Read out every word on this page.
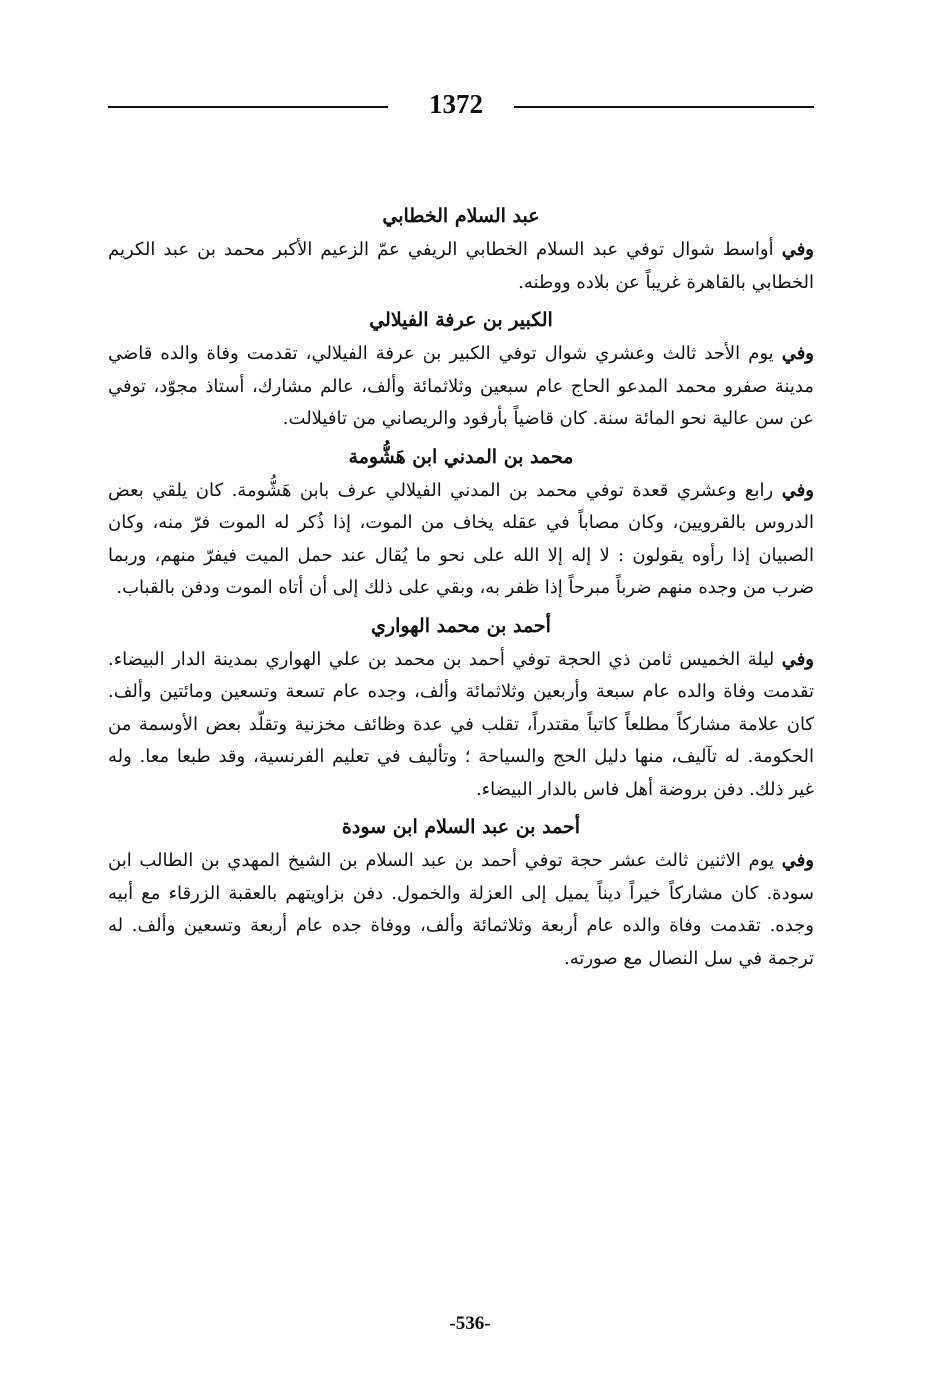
1372
عبد السلام الخطابي

وفي أواسط شوال توفي عبد السلام الخطابي الريفي عمّ الزعيم الأكبر محمد بن عبد الكريم الخطابي بالقاهرة غريباً عن بلاده ووطنه.

الكبير بن عرفة الفيلالي

وفي يوم الأحد ثالث وعشري شوال توفي الكبير بن عرفة الفيلالي، تقدمت وفاة والده قاضي مدينة صفرو محمد المدعو الحاج عام سبعين وثلاثمائة وألف، عالم مشارك، أستاذ مجوّد، توفي عن سن عالية نحو المائة سنة. كان قاضياً بأرفود والريصاني من تافيلالت.

محمد بن المدني ابن هَشُّومة

وفي رابع وعشري قعدة توفي محمد بن المدني الفيلالي عرف بابن هَشُّومة. كان يلقي بعض الدروس بالقرويين، وكان مصاباً في عقله يخاف من الموت، إذا ذُكر له الموت فرّ منه، وكان الصبيان إذا رأوه يقولون : لا إله إلا الله على نحو ما يُقال عند حمل الميت فيفرّ منهم، وربما ضرب من وجده منهم ضرباً مبرحاً إذا ظفر به، وبقي على ذلك إلى أن أتاه الموت ودفن بالقباب.

أحمد بن محمد الهواري

وفي ليلة الخميس ثامن ذي الحجة توفي أحمد بن محمد بن علي الهواري بمدينة الدار البيضاء. تقدمت وفاة والده عام سبعة وأربعين وثلاثمائة وألف، وجده عام تسعة وتسعين ومائتين وألف. كان علامة مشاركاً مطلعاً كاتباً مقتدراً، تقلب في عدة وظائف مخزنية وتقلّد بعض الأوسمة من الحكومة. له تآليف، منها دليل الحج والسياحة ؛ وتأليف في تعليم الفرنسية، وقد طبعا معا. وله غير ذلك. دفن بروضة أهل فاس بالدار البيضاء.

أحمد بن عبد السلام ابن سودة

وفي يوم الاثنين ثالث عشر حجة توفي أحمد بن عبد السلام بن الشيخ المهدي بن الطالب ابن سودة. كان مشاركاً خيراً ديناً يميل إلى العزلة والخمول. دفن بزاويتهم بالعقبة الزرقاء مع أبيه وجده. تقدمت وفاة والده عام أربعة وثلاثمائة وألف، ووفاة جده عام أربعة وتسعين وألف. له ترجمة في سل النصال مع صورته.

-536-
